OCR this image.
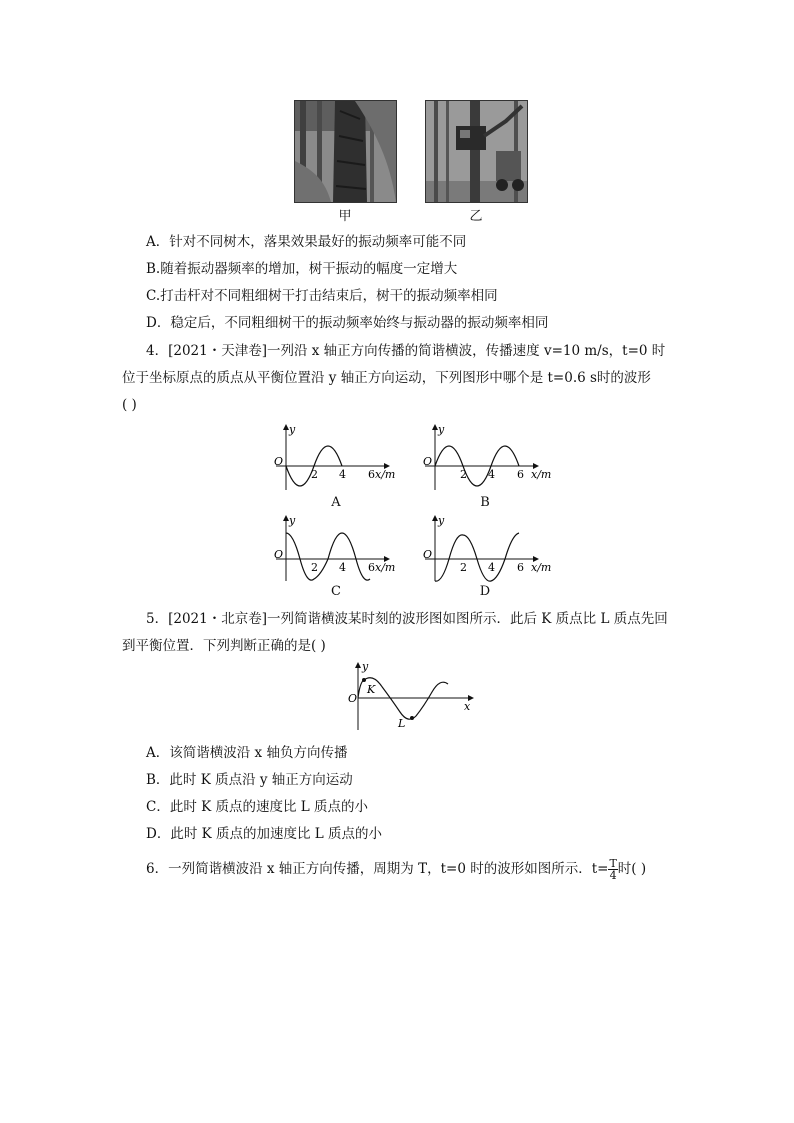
甲	乙
A．针对不同树木，落果效果最好的振动频率可能不同
B.随着振动器频率的增加，树干振动的幅度一定增大
C.打击杆对不同粗细树干打击结束后，树干的振动频率相同
D．稳定后，不同粗细树干的振动频率始终与振动器的振动频率相同
4．[2021・天津卷]一列沿 x 轴正方向传播的简谐横波，传播速度 v=10 m/s，t=0 时
位于坐标原点的质点从平衡位置沿 y 轴正方向运动，下列图形中哪个是 t=0.6 s时的波形
( )
y
O
2 4 6 x/m
A
y
O
2 4 6 x/m
B
y
O
2 4 6 x/m
C
y
O
2 4 6 x/m
D
5．[2021・北京卷]一列简谐横波某时刻的波形图如图所示．此后 K 质点比 L 质点先回
到平衡位置．下列判断正确的是( )
y
O
x
K
L
A．该简谐横波沿 x 轴负方向传播
B．此时 K 质点沿 y 轴正方向运动
C．此时 K 质点的速度比 L 质点的小
D．此时 K 质点的加速度比 L 质点的小
6．一列简谐横波沿 x 轴正方向传播，周期为 T，t=0 时的波形如图所示．$t= \frac{T}{4}$ 时( )
